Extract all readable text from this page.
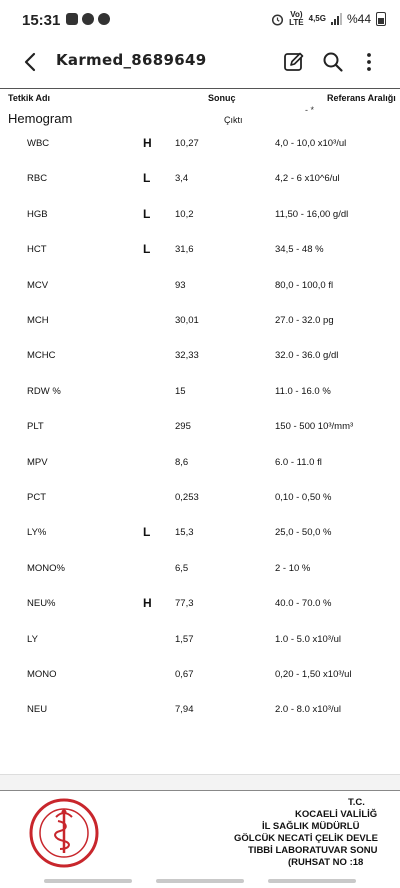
15:31	Vo)
LTE 4,5G %44
Karmed_8689649
Tetkik Adı	Sonuç	Referans Aralığı
Hemogram	Çıktı
- *
WBC	H 10,27	4,0 - 10,0 x10³/ul
RBC	L	3,4	4,2 - 6 x10^6/ul
HGB	L	10,2	11,50 - 16,00 g/dl
HCT	L	31,6	34,5 - 48 %
MCV	93	80,0 - 100,0 fl
MCH	30,01	27.0 - 32.0 pg
MCHC	32,33	32.0 - 36.0 g/dl
RDW %	15	11.0 - 16.0 %
PLT	295	150 - 500 10³/mm³
MPV	8,6	6.0 - 11.0 fl
PCT	0,253	0,10 - 0,50 %
LY%	L	15,3	25,0 - 50,0 %
MONO%	6,5	2 - 10 %
NEU%	H 77,3	40.0 - 70.0 %
LY	1,57	1.0 - 5.0 x10³/ul
MONO	0,67	0,20 - 1,50 x10³/ul
NEU	7,94	2.0 - 8.0 x10³/ul
T.C.
KOCAELİ VALİLİĞ
İL SAĞLIK MÜDÜRLÜ
GÖLCÜK NECATİ ÇELİK DEVLE
TIBBİ LABORATUVAR SONU
(RUHSAT NO :18
